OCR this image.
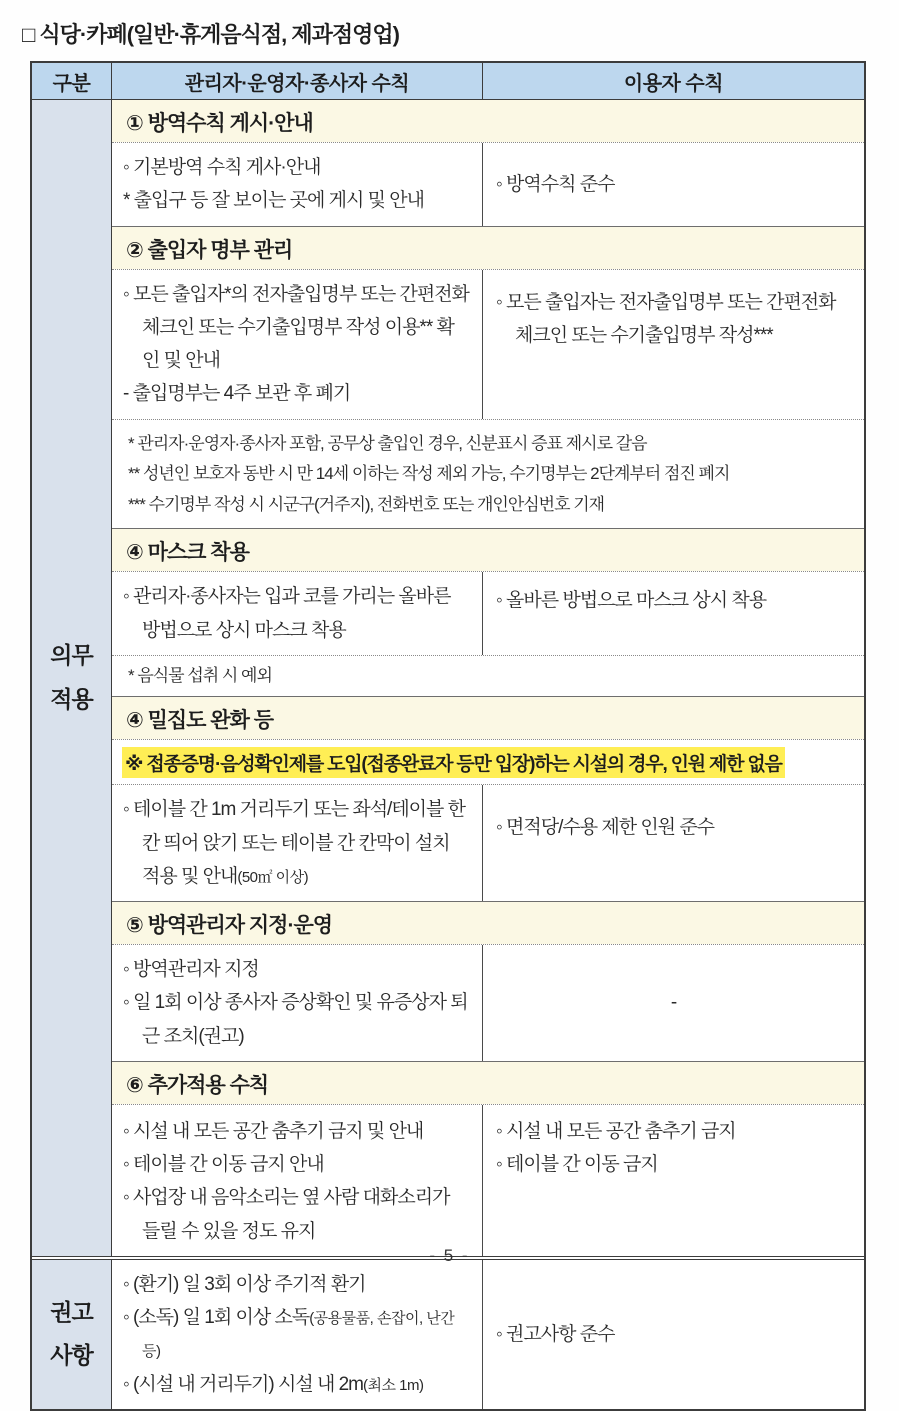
□ 식당·카페(일반·휴게음식점, 제과점영업)
구분	관리자·운영자·종사자 수칙	이용자 수칙
의무 적용
① 방역수칙 게시·안내
◦ 기본방역 수칙 게사·안내
* 출입구 등 잘 보이는 곳에 게시 및 안내
◦ 방역수칙 준수
② 출입자 명부 관리
◦ 모든 출입자*의 전자출입명부 또는 간편전화 체크인 또는 수기출입명부 작성 이용** 확인 및 안내
- 출입명부는 4주 보관 후 폐기
◦ 모든 출입자는 전자출입명부 또는 간편전화 체크인 또는 수기출입명부 작성***
* 관리자·운영자·종사자 포함, 공무상 출입인 경우, 신분표시 증표 제시로 갈음
** 성년인 보호자 동반 시 만 14세 이하는 작성 제외 가능, 수기명부는 2단계부터 점진 폐지
*** 수기명부 작성 시 시군구(거주지), 전화번호 또는 개인안심번호 기재
④ 마스크 착용
◦ 관리자·종사자는 입과 코를 가리는 올바른 방법으로 상시 마스크 착용
◦ 올바른 방법으로 마스크 상시 착용
* 음식물 섭취 시 예외
④ 밀집도 완화 등
※ 접종증명·음성확인제를 도입(접종완료자 등만 입장)하는 시설의 경우, 인원 제한 없음
◦ 테이블 간 1m 거리두기 또는 좌석/테이블 한 칸 띄어 앉기 또는 테이블 간 칸막이 설치 적용 및 안내(50㎡ 이상)
◦ 면적당/수용 제한 인원 준수
⑤ 방역관리자 지정·운영
◦ 방역관리자 지정
◦ 일 1회 이상 종사자 증상확인 및 유증상자 퇴근 조치(권고)
-
⑥ 추가적용 수칙
◦ 시설 내 모든 공간 춤추기 금지 및 안내
◦ 테이블 간 이동 금지 안내
◦ 사업장 내 음악소리는 옆 사람 대화소리가 들릴 수 있을 정도 유지
◦ 시설 내 모든 공간 춤추기 금지
◦ 테이블 간 이동 금지
권고 사항
◦ (환기) 일 3회 이상 주기적 환기
◦ (소독) 일 1회 이상 소독(공용물품, 손잡이, 난간 등)
◦ (시설 내 거리두기) 시설 내 2m(최소 1m)
◦ 권고사항 준수
- 5 -
